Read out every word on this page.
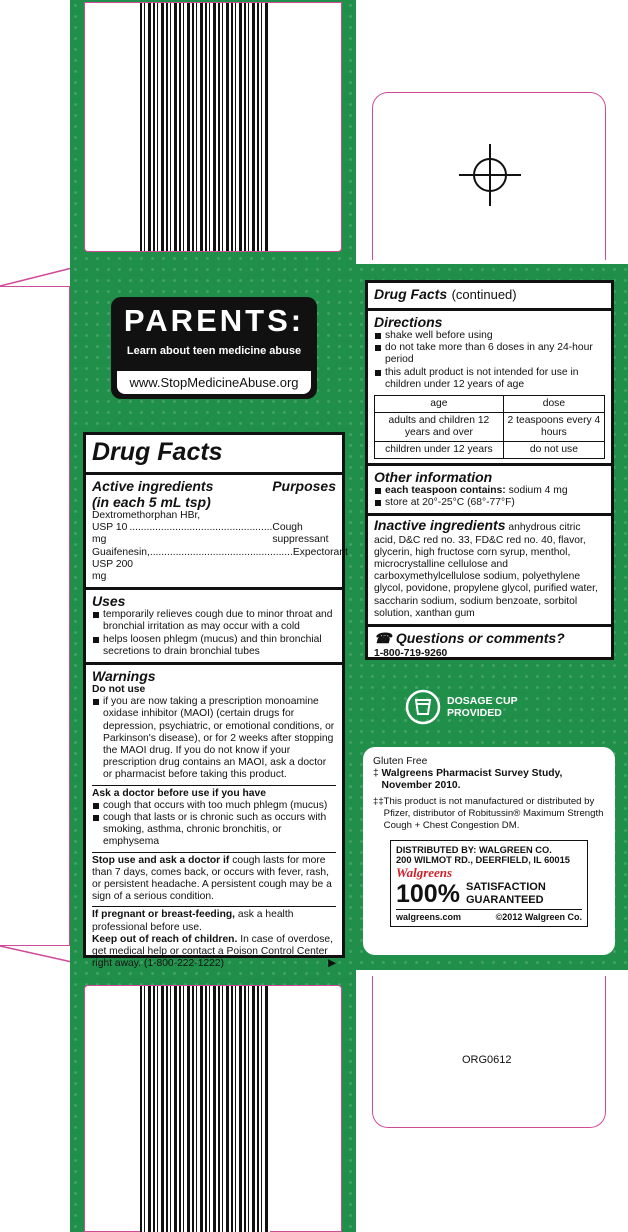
ORG0612
PARENTS:
Learn about teen medicine abuse
www.StopMedicineAbuse.org
Drug Facts
Active ingredients	Purposes
(in each 5 mL tsp)
Dextromethorphan HBr,
USP 10 mg
.................................................. Cough suppressant
Guaifenesin, USP 200 mg
.................................................. Expectorant
Uses
temporarily relieves cough due to minor throat and bronchial irritation as may occur with a cold
helps loosen phlegm (mucus) and thin bronchial secretions to drain bronchial tubes
Warnings
Do not use
if you are now taking a prescription monoamine oxidase inhibitor (MAOI) (certain drugs for depression, psychiatric, or emotional conditions, or Parkinson's disease), or for 2 weeks after stopping the MAOI drug. If you do not know if your prescription drug contains an MAOI, ask a doctor or pharmacist before taking this product.
Ask a doctor before use if you have
cough that occurs with too much phlegm (mucus)
cough that lasts or is chronic such as occurs with smoking, asthma, chronic bronchitis, or emphysema
Stop use and ask a doctor if cough lasts for more than 7 days, comes back, or occurs with fever, rash, or persistent headache. A persistent cough may be a sign of a serious condition.
If pregnant or breast-feeding, ask a health professional before use.
Keep out of reach of children. In case of overdose, get medical help or contact a Poison Control Center right away. (1-800-222-1222)	▶
Drug Facts (continued)
Directions
shake well before using
do not take more than 6 doses in any 24-hour period
this adult product is not intended for use in children under 12 years of age
age	dose
adults and children 12 years and over	2 teaspoons every 4 hours
children under 12 years	do not use
Other information
each teaspoon contains: sodium 4 mg
store at 20°-25°C (68°-77°F)
Inactive ingredients anhydrous citric acid, D&C red no. 33, FD&C red no. 40, flavor, glycerin, high fructose corn syrup, menthol, microcrystalline cellulose and carboxymethylcellulose sodium, polyethylene glycol, povidone, propylene glycol, purified water, saccharin sodium, sodium benzoate, sorbitol solution, xanthan gum
☎ Questions or comments?
1-800-719-9260
DOSAGE CUP PROVIDED
Gluten Free
‡ Walgreens Pharmacist Survey Study, November 2010.
‡‡ This product is not manufactured or distributed by Pfizer, distributor of Robitussin® Maximum Strength Cough + Chest Congestion DM.
DISTRIBUTED BY: WALGREEN CO.
200 WILMOT RD., DEERFIELD, IL 60015
Walgreens
100% SATISFACTION
GUARANTEED
walgreens.com	©2012 Walgreen Co.
